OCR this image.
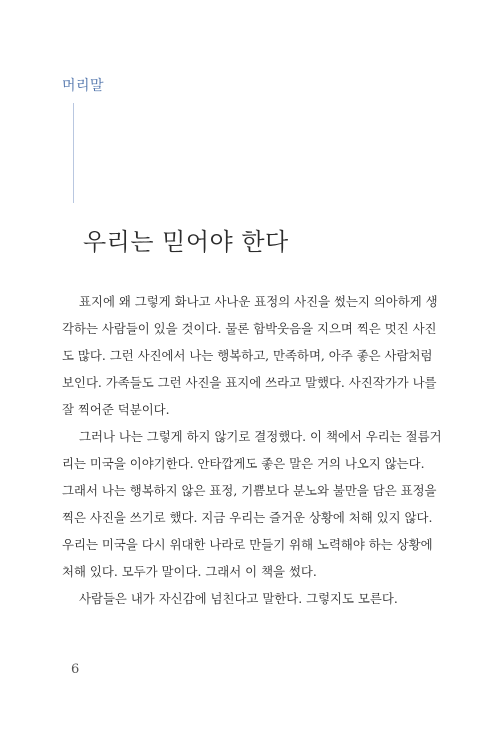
머리말
우리는 믿어야 한다
표지에 왜 그렇게 화나고 사나운 표정의 사진을 썼는지 의아하게 생
각하는 사람들이 있을 것이다. 물론 함박웃음을 지으며 찍은 멋진 사진
도 많다. 그런 사진에서 나는 행복하고, 만족하며, 아주 좋은 사람처럼
보인다. 가족들도 그런 사진을 표지에 쓰라고 말했다. 사진작가가 나를
잘 찍어준 덕분이다.
그러나 나는 그렇게 하지 않기로 결정했다. 이 책에서 우리는 절름거
리는 미국을 이야기한다. 안타깝게도 좋은 말은 거의 나오지 않는다.
그래서 나는 행복하지 않은 표정, 기쁨보다 분노와 불만을 담은 표정을
찍은 사진을 쓰기로 했다. 지금 우리는 즐거운 상황에 처해 있지 않다.
우리는 미국을 다시 위대한 나라로 만들기 위해 노력해야 하는 상황에
처해 있다. 모두가 말이다. 그래서 이 책을 썼다.
사람들은 내가 자신감에 넘친다고 말한다. 그렇지도 모른다.
6
